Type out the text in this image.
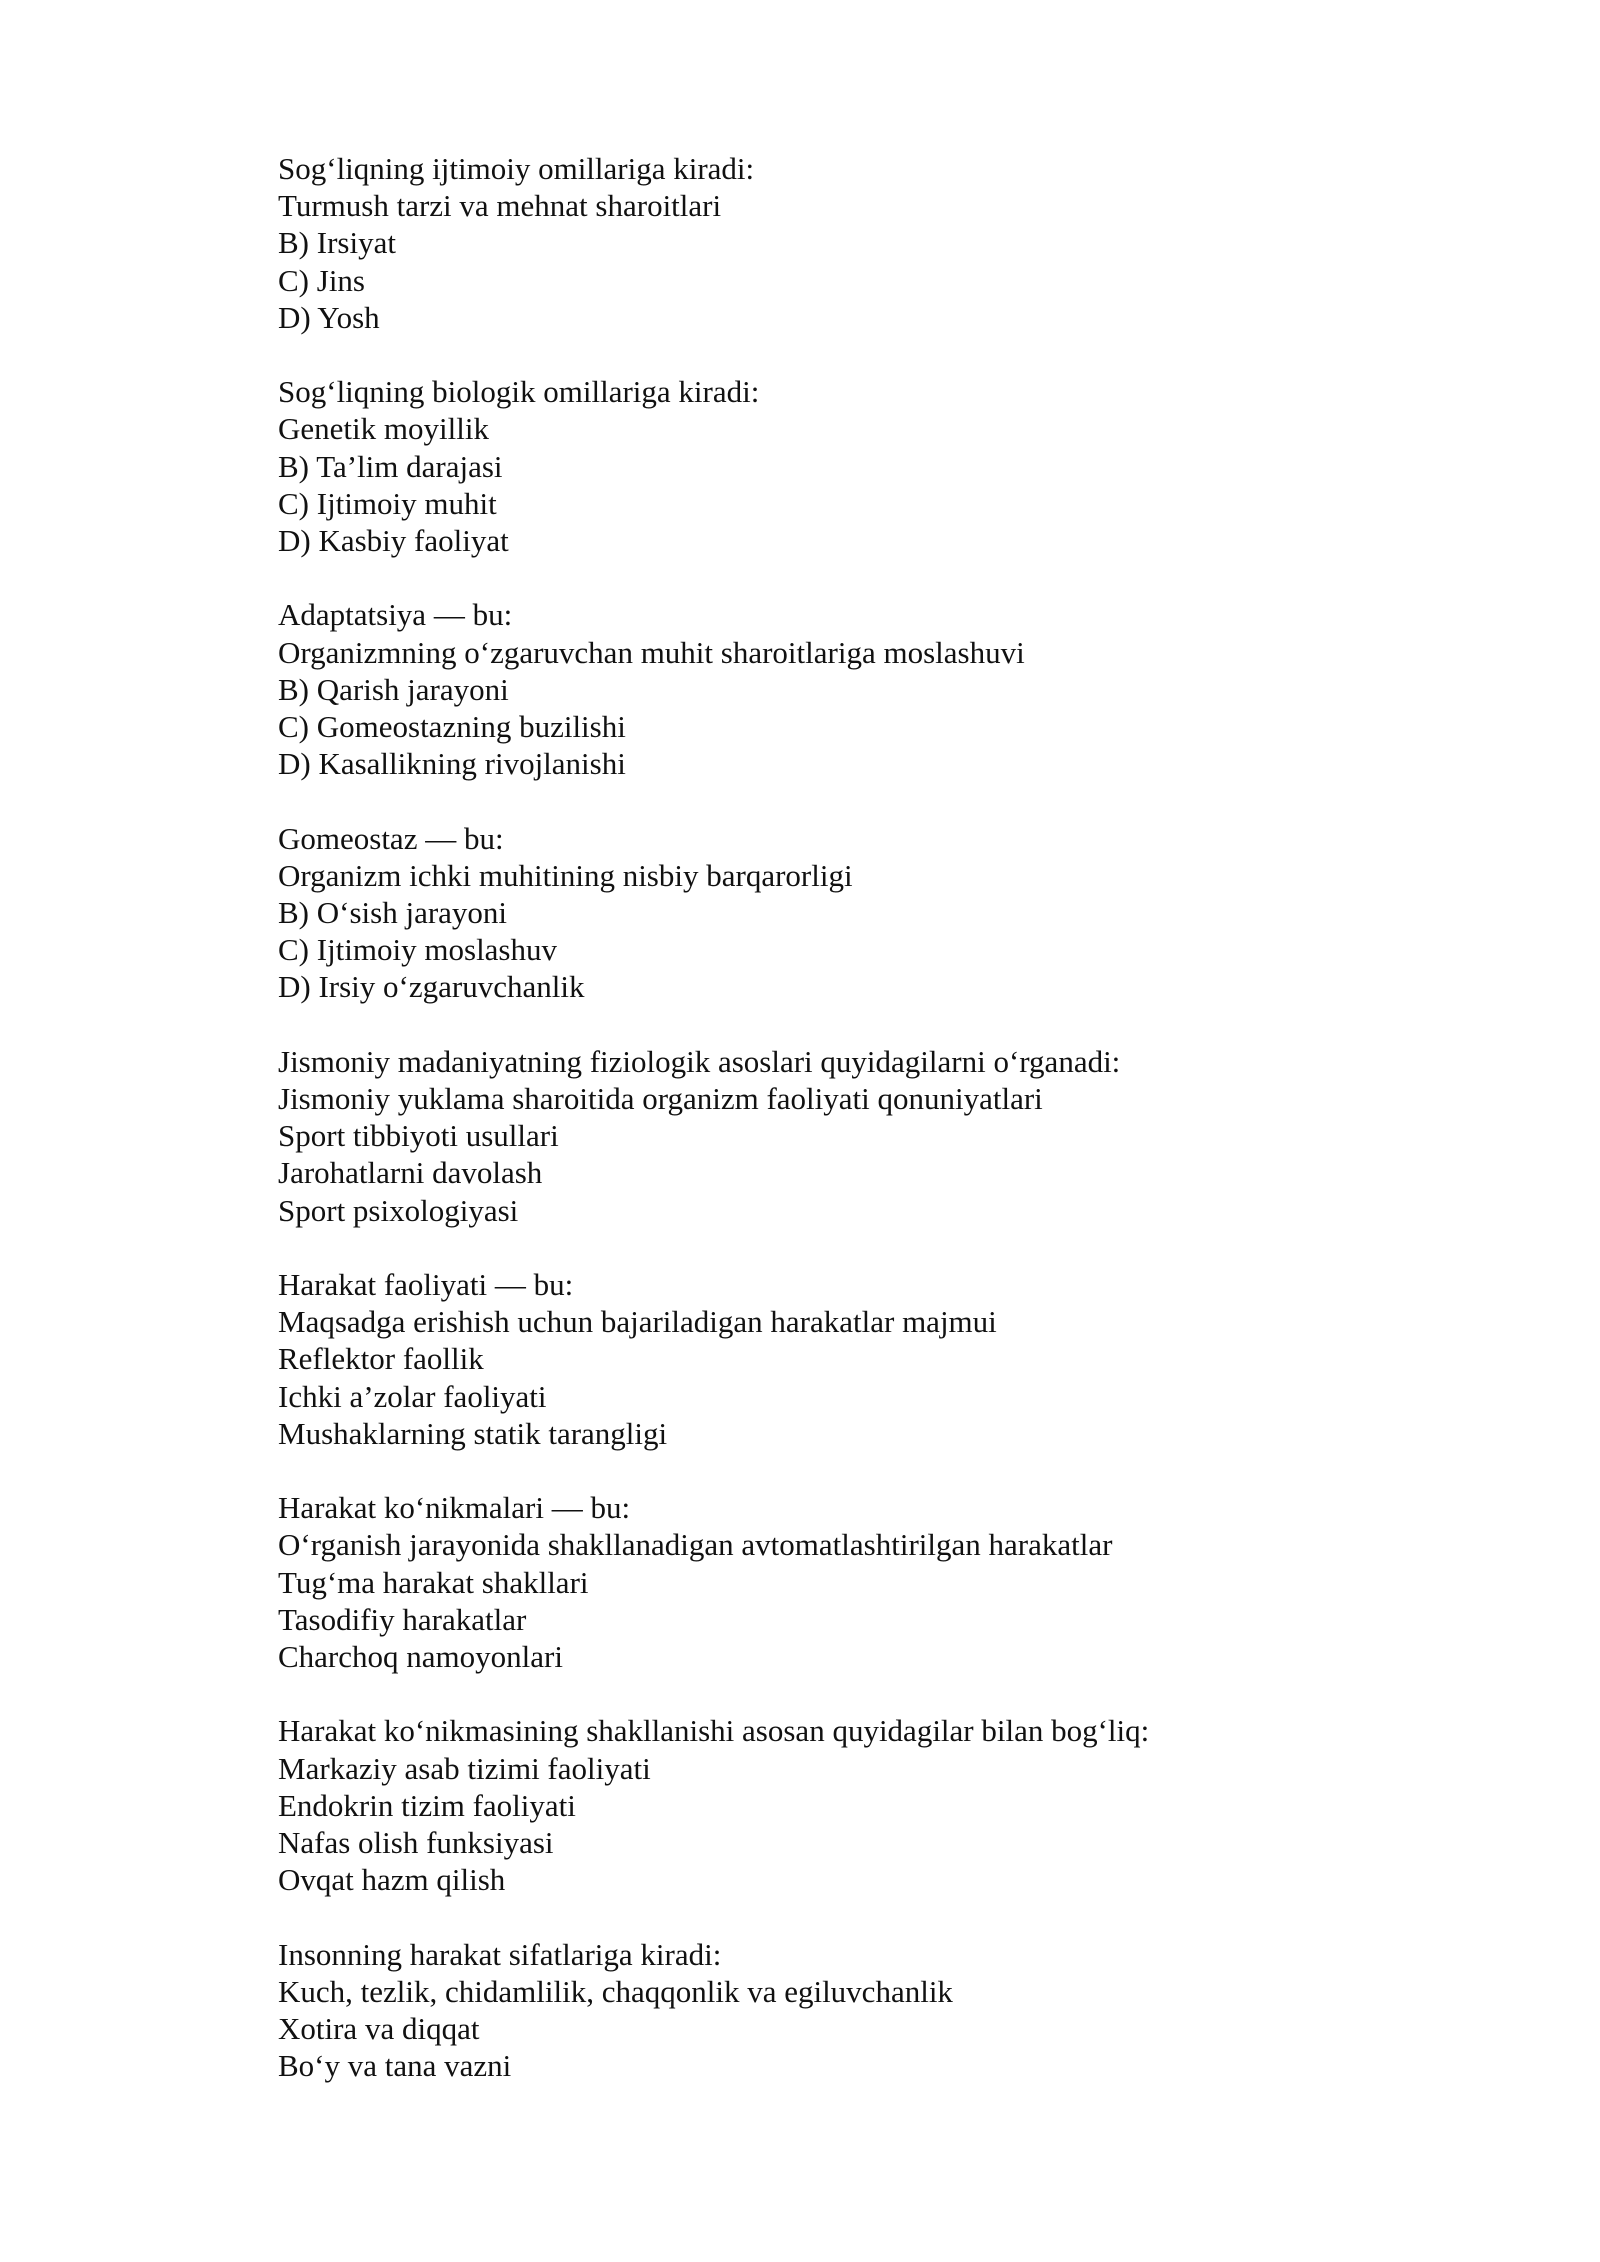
Sog‘liqning ijtimoiy omillariga kiradi:

Turmush tarzi va mehnat sharoitlari

B) Irsiyat

C) Jins

D) Yosh

Sog‘liqning biologik omillariga kiradi:

Genetik moyillik

B) Ta’lim darajasi

C) Ijtimoiy muhit

D) Kasbiy faoliyat

Adaptatsiya — bu:

Organizmning o‘zgaruvchan muhit sharoitlariga moslashuvi

B) Qarish jarayoni

C) Gomeostazning buzilishi

D) Kasallikning rivojlanishi

Gomeostaz — bu:

Organizm ichki muhitining nisbiy barqarorligi

B) O‘sish jarayoni

C) Ijtimoiy moslashuv

D) Irsiy o‘zgaruvchanlik

Jismoniy madaniyatning fiziologik asoslari quyidagilarni o‘rganadi:

Jismoniy yuklama sharoitida organizm faoliyati qonuniyatlari

Sport tibbiyoti usullari

Jarohatlarni davolash

Sport psixologiyasi

Harakat faoliyati — bu:

Maqsadga erishish uchun bajariladigan harakatlar majmui

Reflektor faollik

Ichki a’zolar faoliyati

Mushaklarning statik tarangligi

Harakat ko‘nikmalari — bu:

O‘rganish jarayonida shakllanadigan avtomatlashtirilgan harakatlar

Tug‘ma harakat shakllari

Tasodifiy harakatlar

Charchoq namoyonlari

Harakat ko‘nikmasining shakllanishi asosan quyidagilar bilan bog‘liq:

Markaziy asab tizimi faoliyati

Endokrin tizim faoliyati

Nafas olish funksiyasi

Ovqat hazm qilish

Insonning harakat sifatlariga kiradi:

Kuch, tezlik, chidamlilik, chaqqonlik va egiluvchanlik

Xotira va diqqat

Bo‘y va tana vazni
